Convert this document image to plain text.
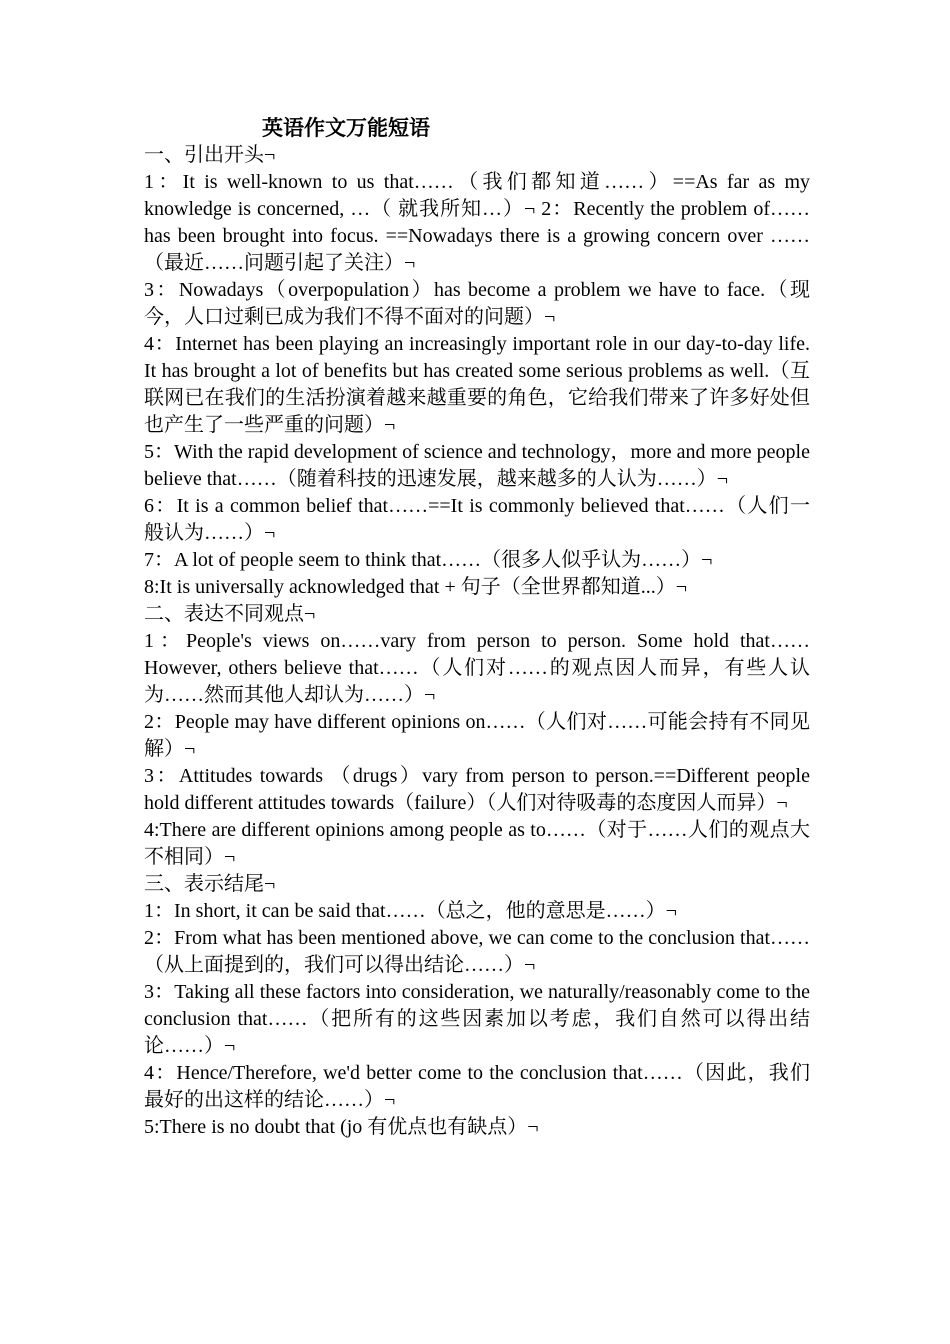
英语作文万能短语

一、引出开头¬

1：It is well-known to us that……（我们都知道……）==As far as my knowledge is concerned, …（ 就我所知…）¬ 2：Recently the problem of…… has been brought into focus. ==Nowadays there is a growing concern over ……（最近……问题引起了关注）¬

3：Nowadays（overpopulation）has become a problem we have to face.（现今，人口过剩已成为我们不得不面对的问题）¬

4：Internet has been playing an increasingly important role in our day-to-day life. It has brought a lot of benefits but has created some serious problems as well.（互联网已在我们的生活扮演着越来越重要的角色，它给我们带来了许多好处但也产生了一些严重的问题）¬

5：With the rapid development of science and technology，more and more people believe that……（随着科技的迅速发展，越来越多的人认为……）¬

6：It is a common belief that……==It is commonly believed that……（人们一般认为……）¬

7：A lot of people seem to think that……（很多人似乎认为……）¬

8:It is universally acknowledged that + 句子（全世界都知道...）¬

二、表达不同观点¬

1：People's views on……vary from person to person. Some hold that……However, others believe that……（人们对……的观点因人而异，有些人认为……然而其他人却认为……）¬

2：People may have different opinions on……（人们对……可能会持有不同见解）¬

3：Attitudes towards （drugs）vary from person to person.==Different people hold different attitudes towards（failure）（人们对待吸毒的态度因人而异）¬

4:There are different opinions among people as to……（对于……人们的观点大不相同）¬

三、表示结尾¬

1：In short, it can be said that……（总之，他的意思是……）¬

2：From what has been mentioned above, we can come to the conclusion that……（从上面提到的，我们可以得出结论……）¬

3：Taking all these factors into consideration, we naturally/reasonably come to the conclusion that……（把所有的这些因素加以考虑，我们自然可以得出结论……）¬

4：Hence/Therefore, we'd better come to the conclusion that……（因此，我们最好的出这样的结论……）¬

5:There is no doubt that (jo 有优点也有缺点）¬
